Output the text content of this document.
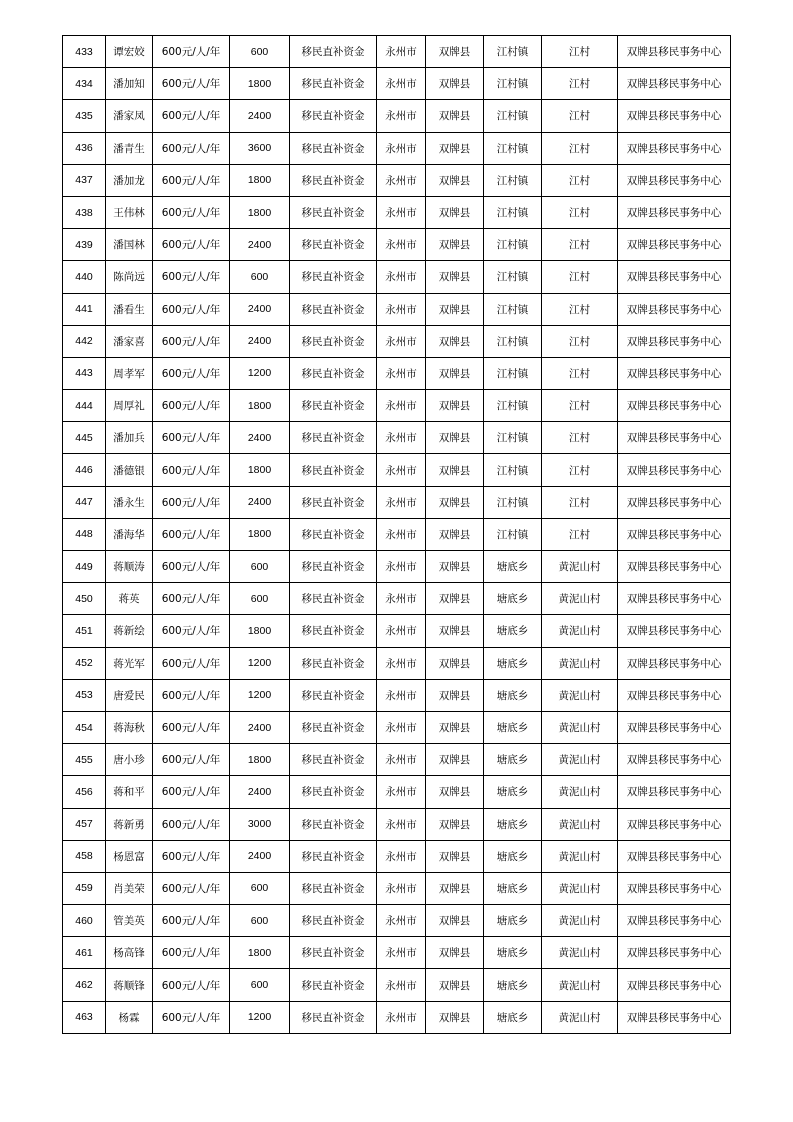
433	谭宏姣	600元/人/年	600	移民直补资金	永州市	双牌县	江村镇	江村	双牌县移民事务中心
434	潘加知	600元/人/年	1800	移民直补资金	永州市	双牌县	江村镇	江村	双牌县移民事务中心
435	潘家凤	600元/人/年	2400	移民直补资金	永州市	双牌县	江村镇	江村	双牌县移民事务中心
436	潘青生	600元/人/年	3600	移民直补资金	永州市	双牌县	江村镇	江村	双牌县移民事务中心
437	潘加龙	600元/人/年	1800	移民直补资金	永州市	双牌县	江村镇	江村	双牌县移民事务中心
438	王伟林	600元/人/年	1800	移民直补资金	永州市	双牌县	江村镇	江村	双牌县移民事务中心
439	潘国林	600元/人/年	2400	移民直补资金	永州市	双牌县	江村镇	江村	双牌县移民事务中心
440	陈尚远	600元/人/年	600	移民直补资金	永州市	双牌县	江村镇	江村	双牌县移民事务中心
441	潘看生	600元/人/年	2400	移民直补资金	永州市	双牌县	江村镇	江村	双牌县移民事务中心
442	潘家喜	600元/人/年	2400	移民直补资金	永州市	双牌县	江村镇	江村	双牌县移民事务中心
443	周孝军	600元/人/年	1200	移民直补资金	永州市	双牌县	江村镇	江村	双牌县移民事务中心
444	周厚礼	600元/人/年	1800	移民直补资金	永州市	双牌县	江村镇	江村	双牌县移民事务中心
445	潘加兵	600元/人/年	2400	移民直补资金	永州市	双牌县	江村镇	江村	双牌县移民事务中心
446	潘德银	600元/人/年	1800	移民直补资金	永州市	双牌县	江村镇	江村	双牌县移民事务中心
447	潘永生	600元/人/年	2400	移民直补资金	永州市	双牌县	江村镇	江村	双牌县移民事务中心
448	潘海华	600元/人/年	1800	移民直补资金	永州市	双牌县	江村镇	江村	双牌县移民事务中心
449	蒋顺涛	600元/人/年	600	移民直补资金	永州市	双牌县	塘底乡	黄泥山村	双牌县移民事务中心
450	蒋英	600元/人/年	600	移民直补资金	永州市	双牌县	塘底乡	黄泥山村	双牌县移民事务中心
451	蒋新绘	600元/人/年	1800	移民直补资金	永州市	双牌县	塘底乡	黄泥山村	双牌县移民事务中心
452	蒋光军	600元/人/年	1200	移民直补资金	永州市	双牌县	塘底乡	黄泥山村	双牌县移民事务中心
453	唐爱民	600元/人/年	1200	移民直补资金	永州市	双牌县	塘底乡	黄泥山村	双牌县移民事务中心
454	蒋海秋	600元/人/年	2400	移民直补资金	永州市	双牌县	塘底乡	黄泥山村	双牌县移民事务中心
455	唐小珍	600元/人/年	1800	移民直补资金	永州市	双牌县	塘底乡	黄泥山村	双牌县移民事务中心
456	蒋和平	600元/人/年	2400	移民直补资金	永州市	双牌县	塘底乡	黄泥山村	双牌县移民事务中心
457	蒋新勇	600元/人/年	3000	移民直补资金	永州市	双牌县	塘底乡	黄泥山村	双牌县移民事务中心
458	杨恩富	600元/人/年	2400	移民直补资金	永州市	双牌县	塘底乡	黄泥山村	双牌县移民事务中心
459	肖美荣	600元/人/年	600	移民直补资金	永州市	双牌县	塘底乡	黄泥山村	双牌县移民事务中心
460	管美英	600元/人/年	600	移民直补资金	永州市	双牌县	塘底乡	黄泥山村	双牌县移民事务中心
461	杨高锋	600元/人/年	1800	移民直补资金	永州市	双牌县	塘底乡	黄泥山村	双牌县移民事务中心
462	蒋顺锋	600元/人/年	600	移民直补资金	永州市	双牌县	塘底乡	黄泥山村	双牌县移民事务中心
463	杨霖	600元/人/年	1200	移民直补资金	永州市	双牌县	塘底乡	黄泥山村	双牌县移民事务中心
